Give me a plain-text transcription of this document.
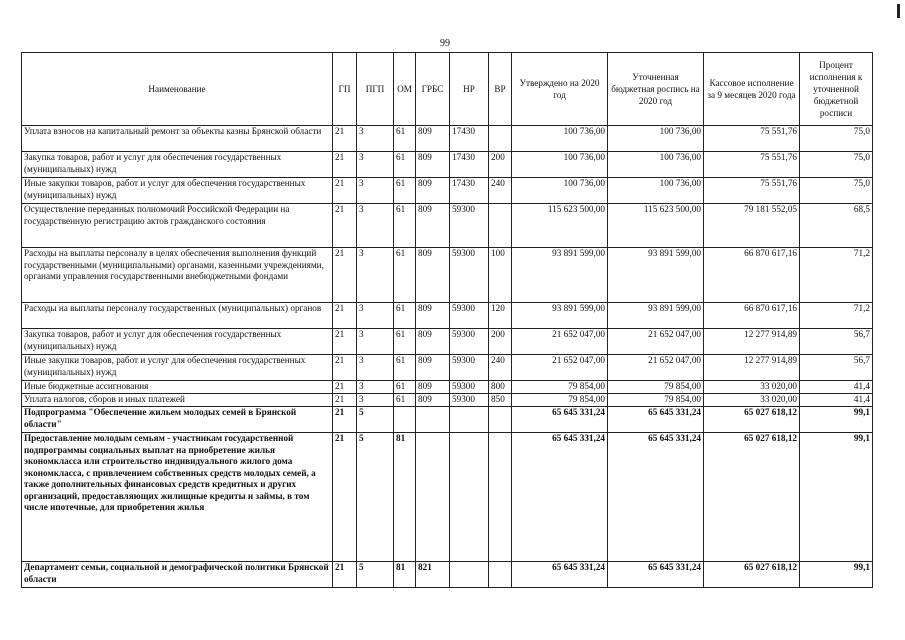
99
Наименование	ГП	ПГП	ОМ	ГРБС	НР	ВР	Утверждено на 2020 год	Уточненная бюджетная роспись на 2020 год	Кассовое исполнение за 9 месяцев 2020 года	Процент исполнения к уточненной бюджетной росписи
Уплата взносов на капитальный ремонт за объекты казны Брянской области	21	3	61	809	17430		100 736,00	100 736,00	75 551,76	75,0
Закупка товаров, работ и услуг для обеспечения государственных (муниципальных) нужд	21	3	61	809	17430	200	100 736,00	100 736,00	75 551,76	75,0
Иные закупки товаров, работ и услуг для обеспечения государственных (муниципальных) нужд	21	3	61	809	17430	240	100 736,00	100 736,00	75 551,76	75,0
Осуществление переданных полномочий Российской Федерации на государственную регистрацию актов гражданского состояния	21	3	61	809	59300		115 623 500,00	115 623 500,00	79 181 552,05	68,5
Расходы на выплаты персоналу в целях обеспечения выполнения функций государственными (муниципальными) органами, казенными учреждениями, органами управления государственными внебюджетными фондами	21	3	61	809	59300	100	93 891 599,00	93 891 599,00	66 870 617,16	71,2
Расходы на выплаты персоналу государственных (муниципальных) органов	21	3	61	809	59300	120	93 891 599,00	93 891 599,00	66 870 617,16	71,2
Закупка товаров, работ и услуг для обеспечения государственных (муниципальных) нужд	21	3	61	809	59300	200	21 652 047,00	21 652 047,00	12 277 914,89	56,7
Иные закупки товаров, работ и услуг для обеспечения государственных (муниципальных) нужд	21	3	61	809	59300	240	21 652 047,00	21 652 047,00	12 277 914,89	56,7
Иные бюджетные ассигнования	21	3	61	809	59300	800	79 854,00	79 854,00	33 020,00	41,4
Уплата налогов, сборов и иных платежей	21	3	61	809	59300	850	79 854,00	79 854,00	33 020,00	41,4
Подпрограмма "Обеспечение жильем молодых семей в Брянской области"	21	5					65 645 331,24	65 645 331,24	65 027 618,12	99,1
Предоставление молодым семьям - участникам государственной подпрограммы социальных выплат на приобретение жилья экономкласса или строительство индивидуального жилого дома экономкласса, с привлечением собственных средств молодых семей, а также дополнительных финансовых средств кредитных и других организаций, предоставляющих жилищные кредиты и займы, в том числе ипотечные, для приобретения жилья	21	5	81				65 645 331,24	65 645 331,24	65 027 618,12	99,1
Департамент семьи, социальной и демографической политики Брянской области	21	5	81	821			65 645 331,24	65 645 331,24	65 027 618,12	99,1
